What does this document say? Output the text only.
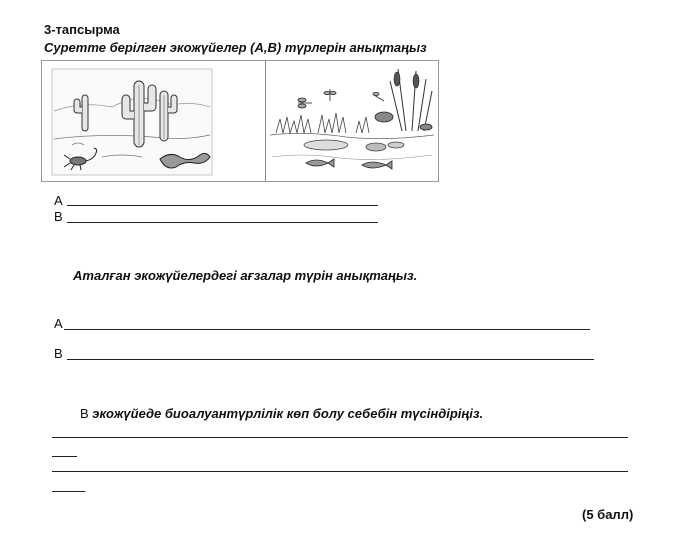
3-тапсырма
Суретте берілген экожүйелер (А,В) түрлерін анықтаңыз
А
В
Аталған экожүйелердегі ағзалар түрін анықтаңыз.
А
В
В экожүйеде биоалуантүрлілік көп болу себебін түсіндіріңіз.
(5 балл)
